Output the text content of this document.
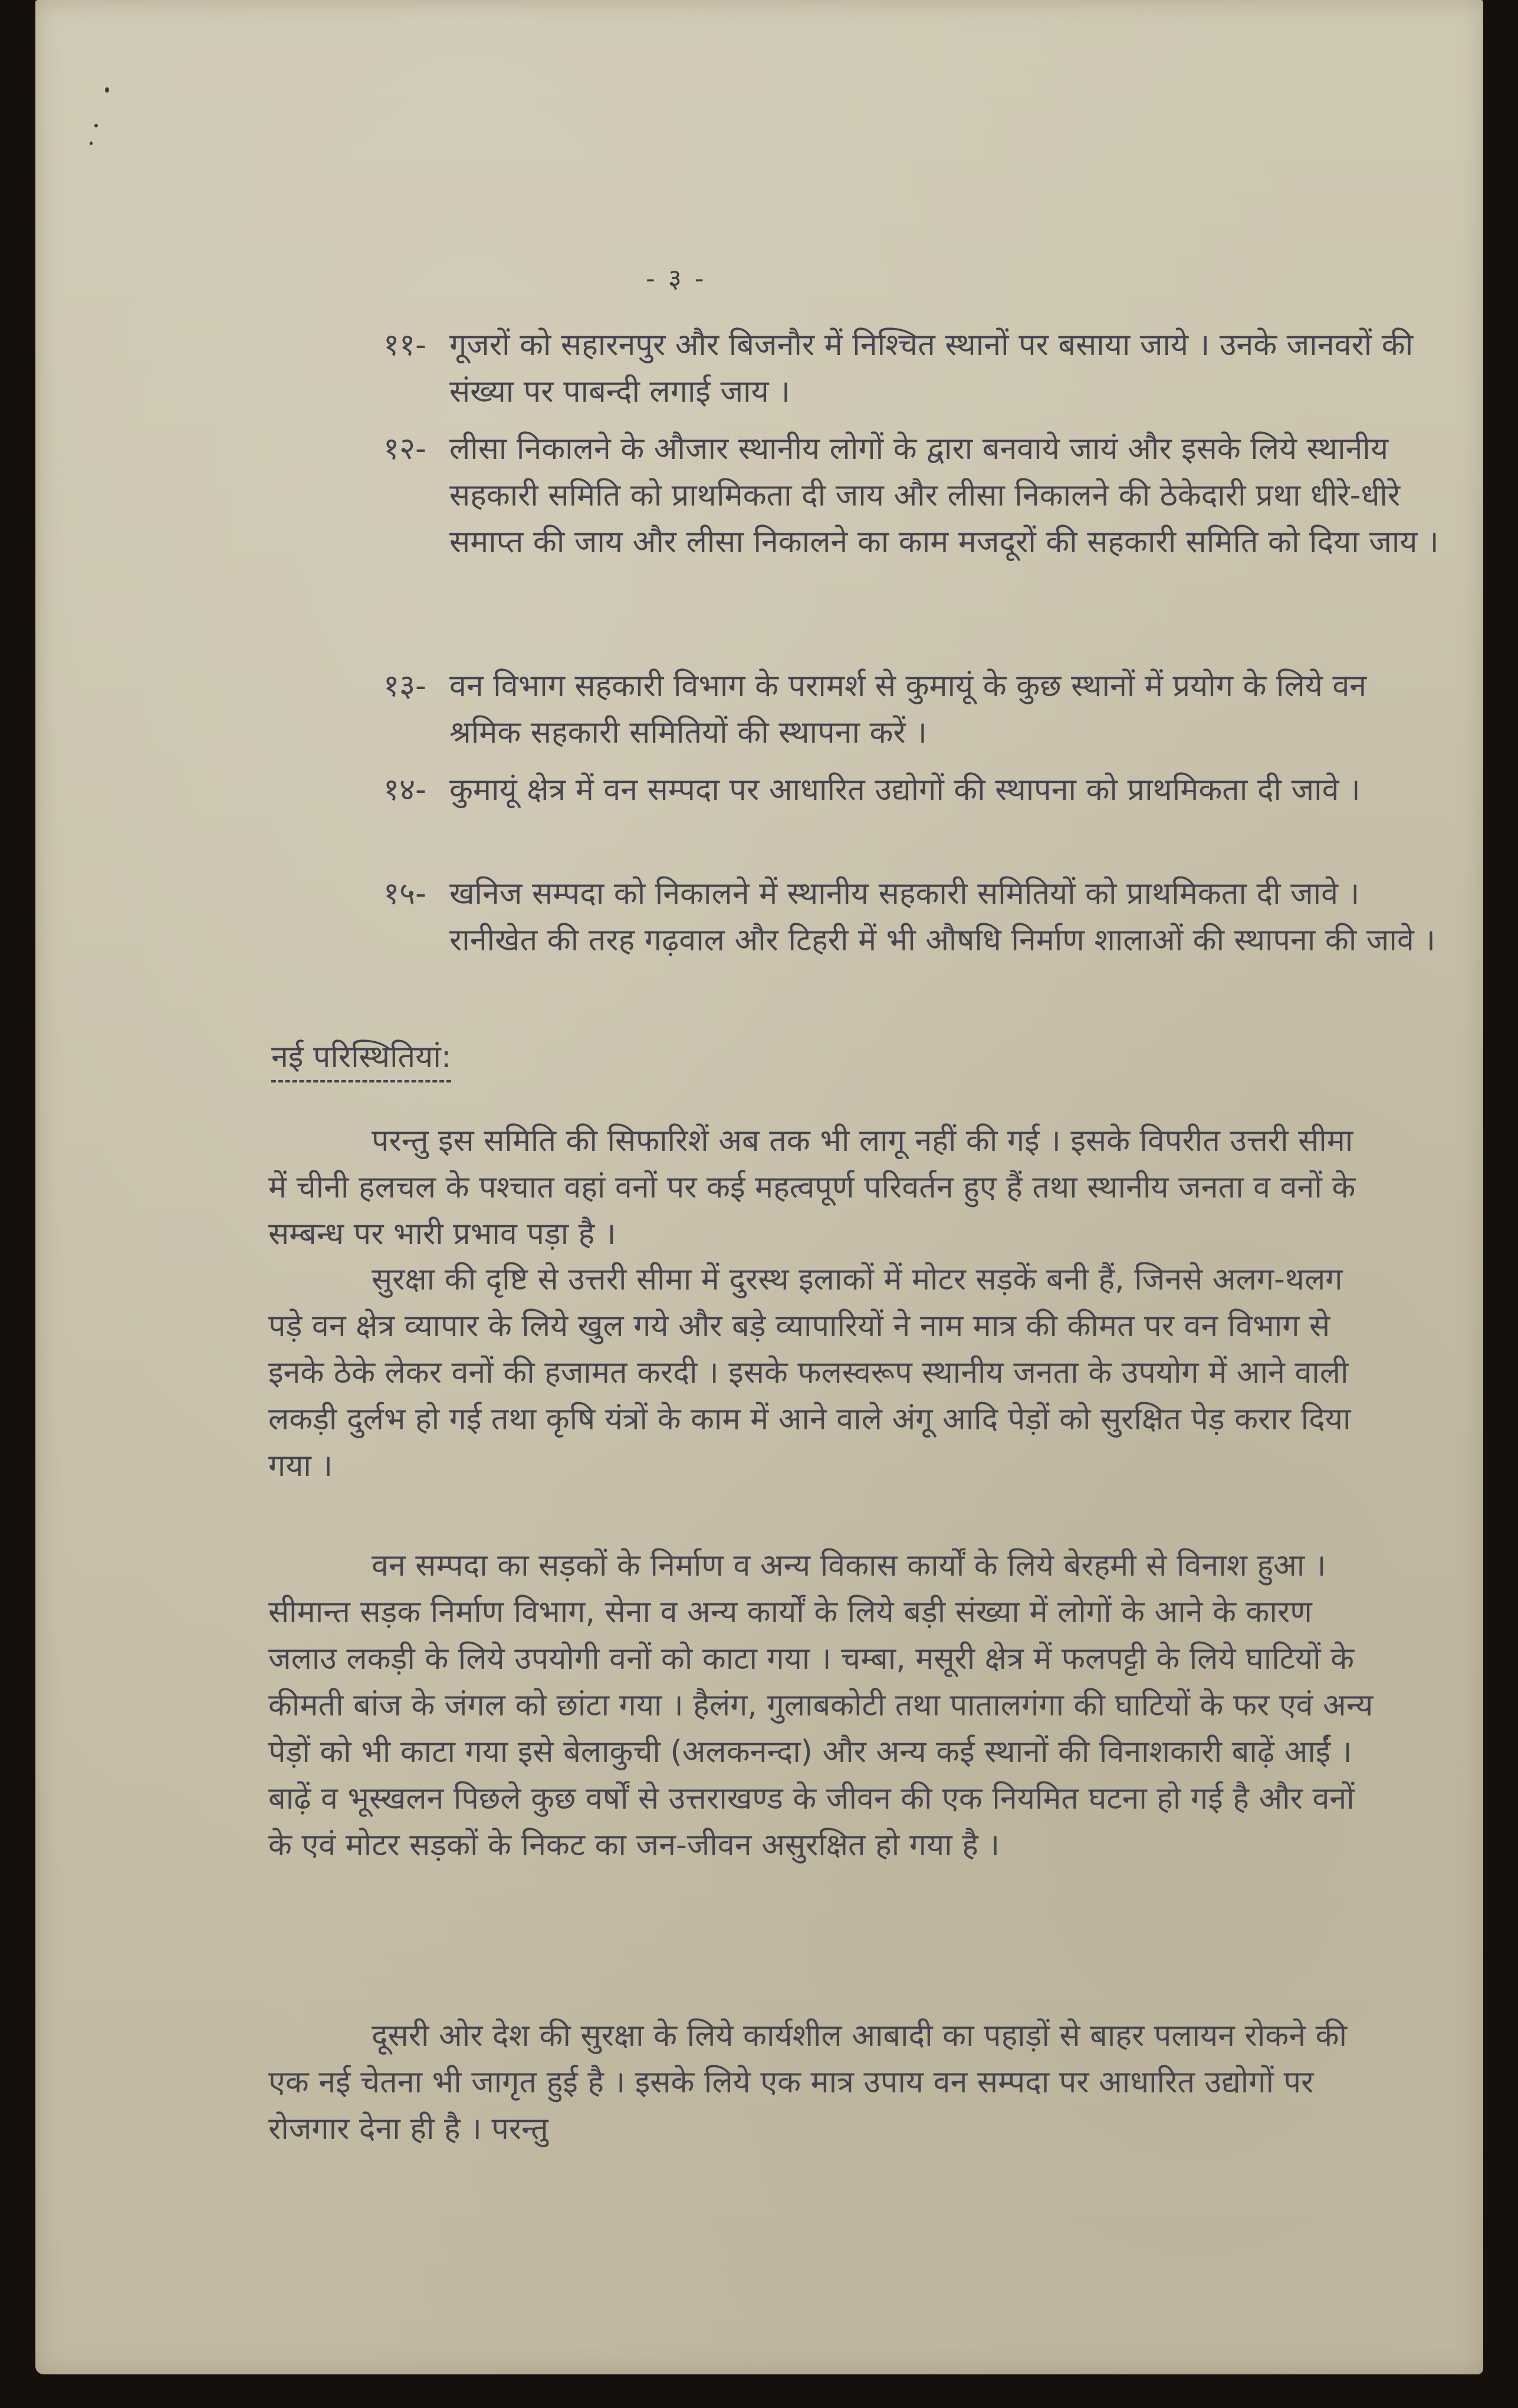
- ३ -
११- गूजरों को सहारनपुर और बिजनौर में निश्चित स्थानों पर बसाया जाये । उनके जानवरों की संख्या पर पाबन्दी लगाई जाय ।
१२- लीसा निकालने के औजार स्थानीय लोगों के द्वारा बनवाये जायं और इसके लिये स्थानीय सहकारी समिति को प्राथमिकता दी जाय और लीसा निकालने की ठेकेदारी प्रथा धीरे-धीरे समाप्त की जाय और लीसा निकालने का काम मजदूरों की सहकारी समिति को दिया जाय ।
१३- वन विभाग सहकारी विभाग के परामर्श से कुमायूं के कुछ स्थानों में प्रयोग के लिये वन श्रमिक सहकारी समितियों की स्थापना करें ।
१४- कुमायूं क्षेत्र में वन सम्पदा पर आधारित उद्योगों की स्थापना को प्राथमिकता दी जावे ।
१५- खनिज सम्पदा को निकालने में स्थानीय सहकारी समितियों को प्राथमिकता दी जावे । रानीखेत की तरह गढ़वाल और टिहरी में भी औषधि निर्माण शालाओं की स्थापना की जावे ।
नई परिस्थितियां:
परन्तु इस समिति की सिफारिशें अब तक भी लागू नहीं की गई । इसके विपरीत उत्तरी सीमा में चीनी हलचल के पश्चात वहां वनों पर कई महत्वपूर्ण परिवर्तन हुए हैं तथा स्थानीय जनता व वनों के सम्बन्ध पर भारी प्रभाव पड़ा है ।
सुरक्षा की दृष्टि से उत्तरी सीमा में दुरस्थ इलाकों में मोटर सड़कें बनी हैं, जिनसे अलग-थलग पड़े वन क्षेत्र व्यापार के लिये खुल गये और बड़े व्यापारियों ने नाम मात्र की कीमत पर वन विभाग से इनके ठेके लेकर वनों की हजामत करदी । इसके फलस्वरूप स्थानीय जनता के उपयोग में आने वाली लकड़ी दुर्लभ हो गई तथा कृषि यंत्रों के काम में आने वाले अंगू आदि पेड़ों को सुरक्षित पेड़ करार दिया गया ।
वन सम्पदा का सड़कों के निर्माण व अन्य विकास कार्यों के लिये बेरहमी से विनाश हुआ । सीमान्त सड़क निर्माण विभाग, सेना व अन्य कार्यों के लिये बड़ी संख्या में लोगों के आने के कारण जलाउ लकड़ी के लिये उपयोगी वनों को काटा गया । चम्बा, मसूरी क्षेत्र में फलपट्टी के लिये घाटियों के कीमती बांज के जंगल को छांटा गया । हैलंग, गुलाबकोटी तथा पातालगंगा की घाटियों के फर एवं अन्य पेड़ों को भी काटा गया इसे बेलाकुची (अलकनन्दा) और अन्य कई स्थानों की विनाशकारी बाढ़ें आईं । बाढ़ें व भूस्खलन पिछले कुछ वर्षों से उत्तराखण्ड के जीवन की एक नियमित घटना हो गई है और वनों के एवं मोटर सड़कों के निकट का जन-जीवन असुरक्षित हो गया है ।
दूसरी ओर देश की सुरक्षा के लिये कार्यशील आबादी का पहाड़ों से बाहर पलायन रोकने की एक नई चेतना भी जागृत हुई है । इसके लिये एक मात्र उपाय वन सम्पदा पर आधारित उद्योगों पर रोजगार देना ही है । परन्तु
